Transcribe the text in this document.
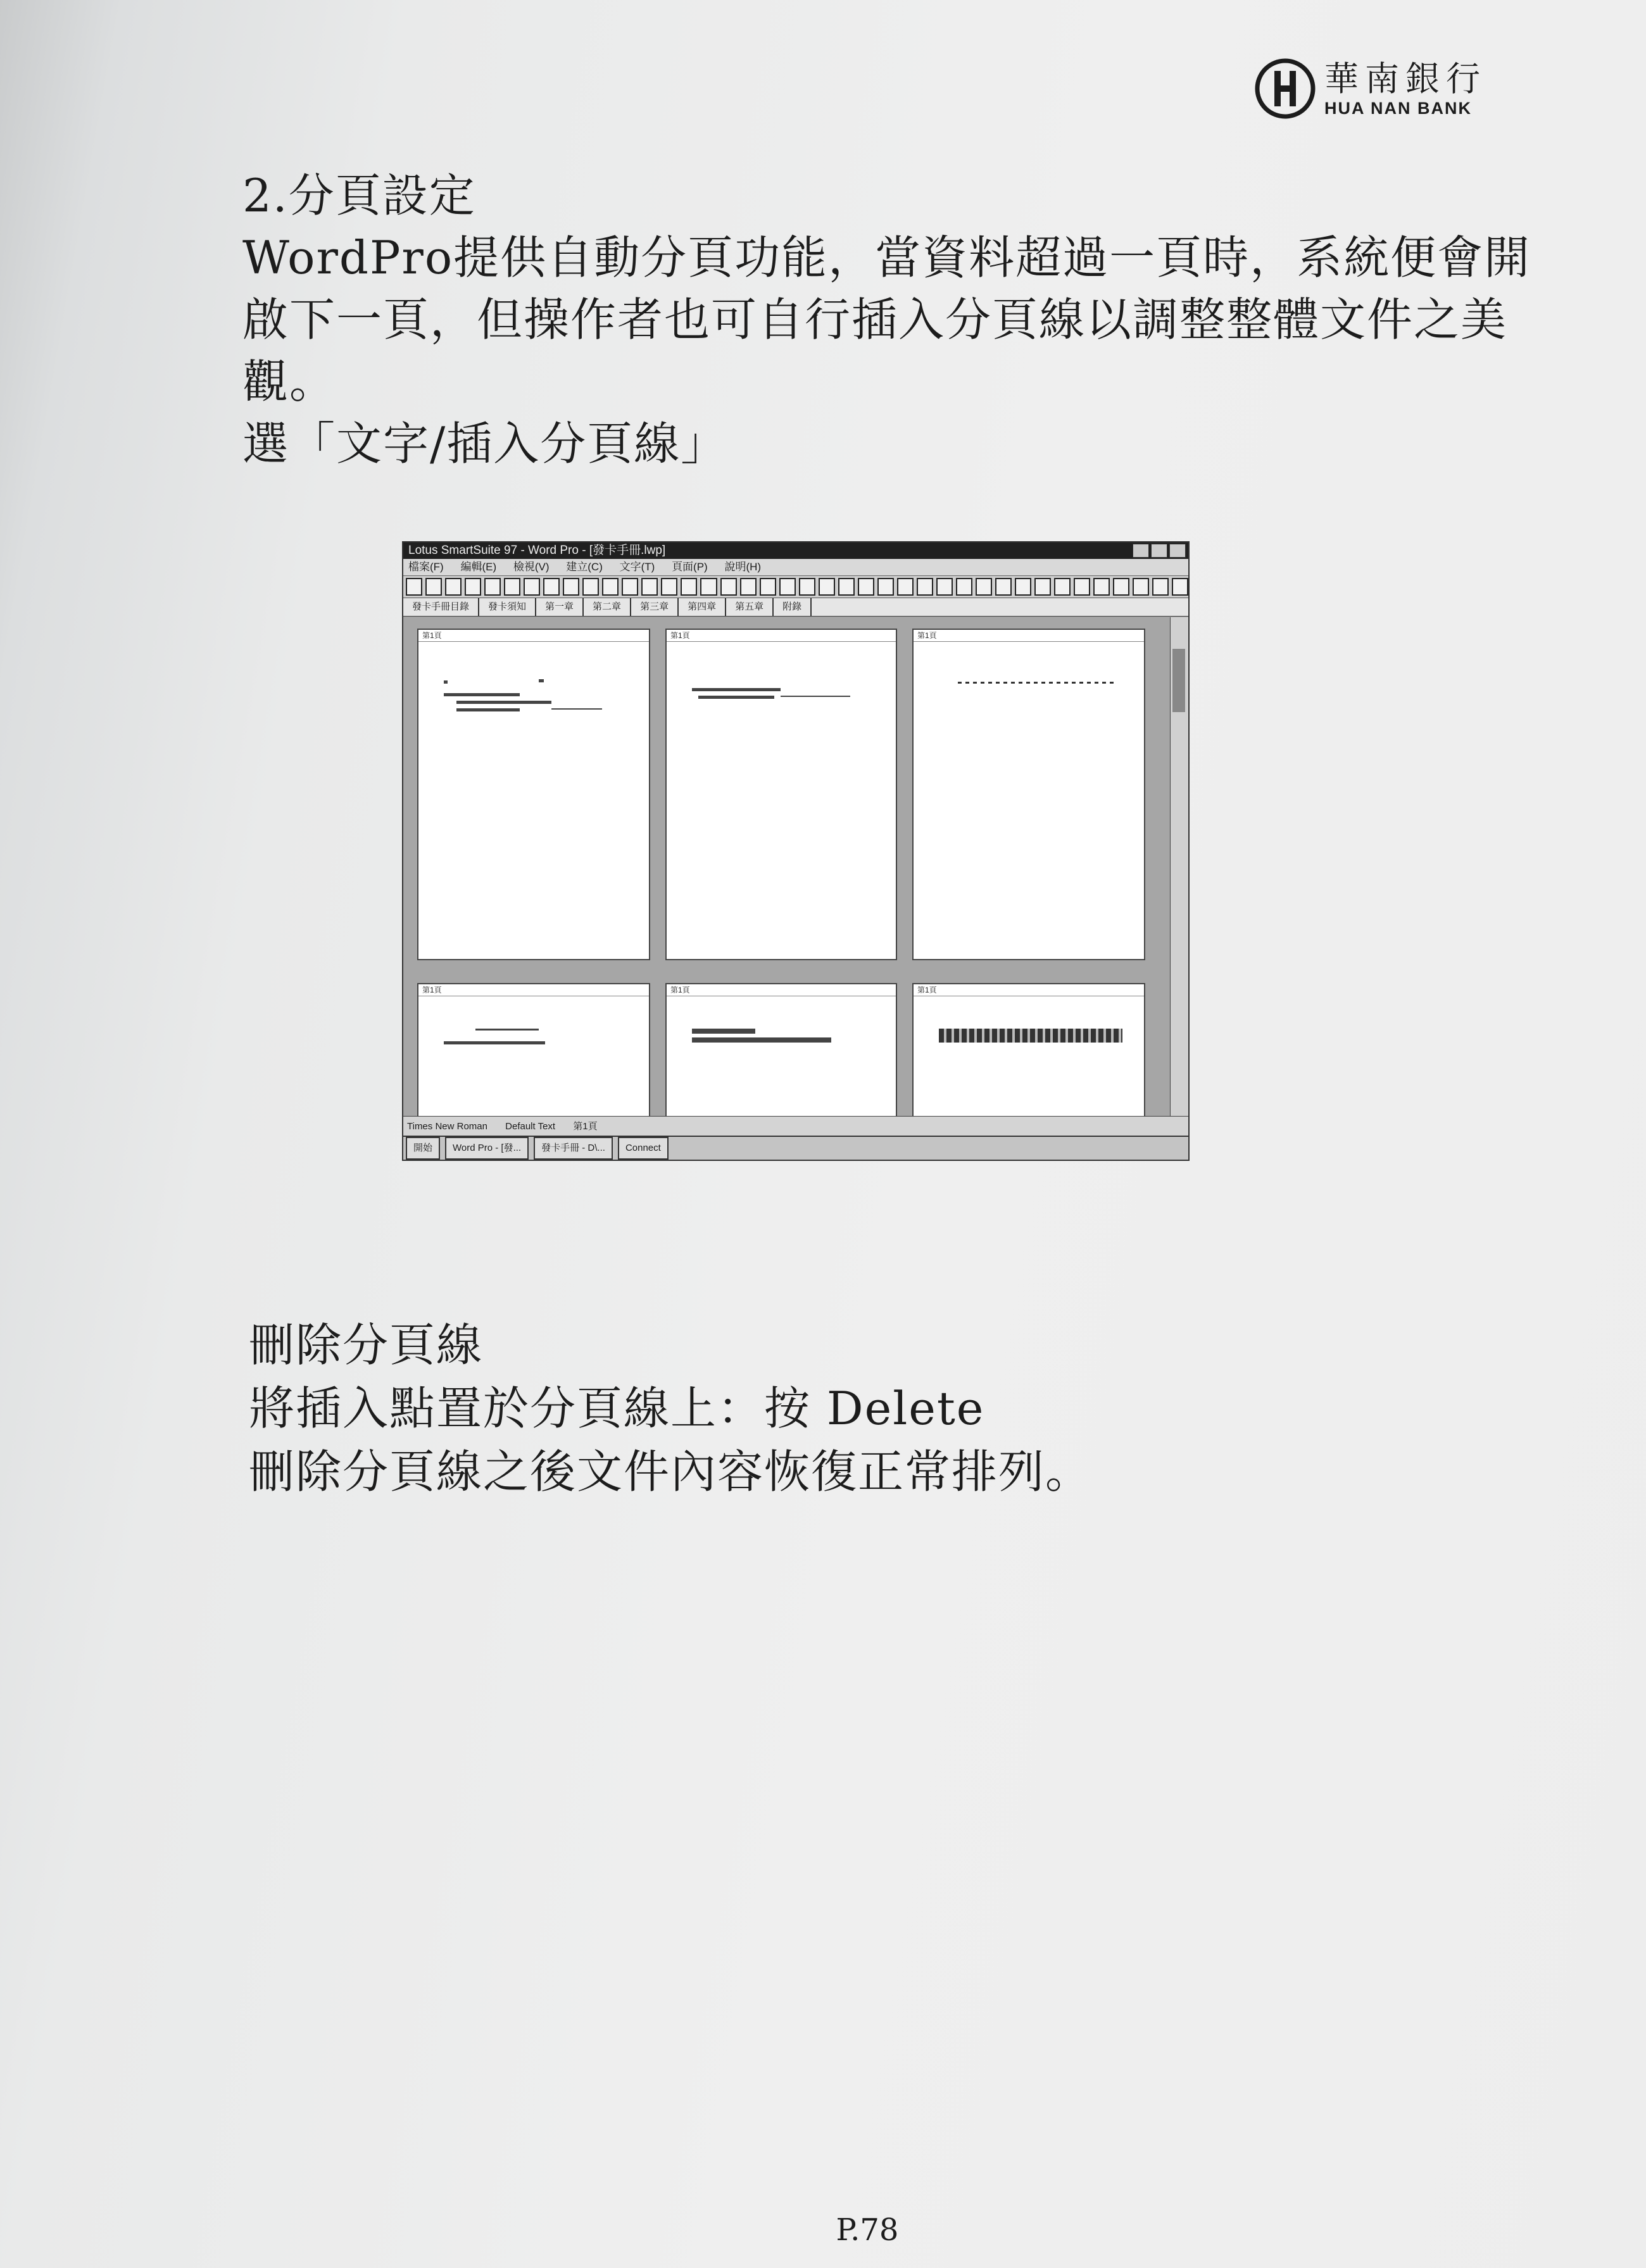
華南銀行
HUA NAN BANK

2.分頁設定

WordPro提供自動分頁功能，當資料超過一頁時，系統便會開啟下一頁，但操作者也可自行插入分頁線以調整整體文件之美觀。

選「文字/插入分頁線」

Lotus SmartSuite 97 - Word Pro - [發卡手冊.lwp]
檔案(F) 編輯(E) 檢視(V) 建立(C) 文字(T) 頁面(P) 說明(H)
發卡手冊目錄	發卡須知	第一章	第二章	第三章	第四章	第五章	附錄
第1頁	第1頁	第1頁
第1頁	第1頁	第1頁
Times New Roman Default Text 第1頁
開始	Word Pro - [發...	發卡手冊 - D\...	Connect

刪除分頁線

將插入點置於分頁線上：按 Delete

刪除分頁線之後文件內容恢復正常排列。

P.78
